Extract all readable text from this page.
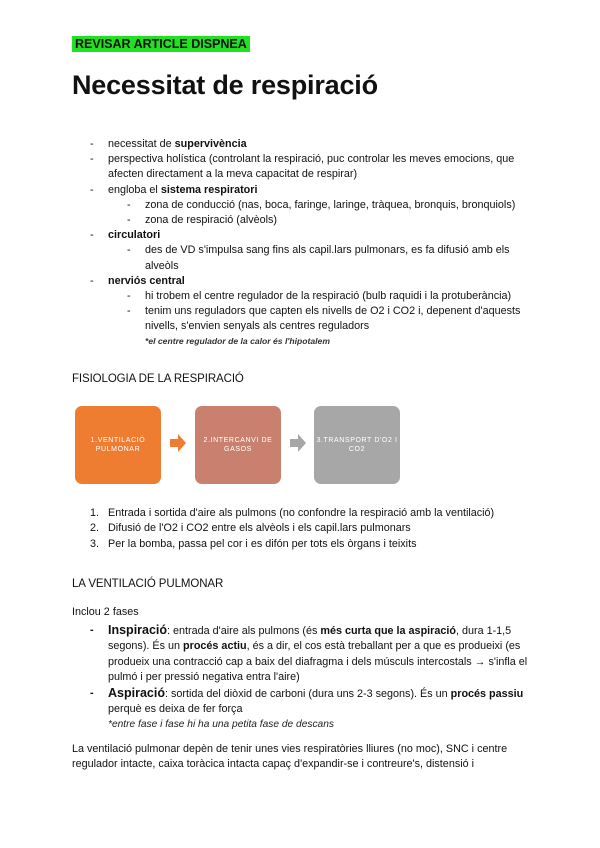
REVISAR ARTICLE DISPNEA
Necessitat de respiració
- necessitat de supervivència
- perspectiva holística (controlant la respiració, puc controlar les meves emocions, que afecten directament a la meva capacitat de respirar)
- engloba el sistema respiratori
- zona de conducció (nas, boca, faringe, laringe, tràquea, bronquis, bronquiols)
- zona de respiració (alvèols)
- circulatori
- des de VD s'impulsa sang fins als capil.lars pulmonars, es fa difusió amb els alveòls
- nerviós central
- hi trobem el centre regulador de la respiració (bulb raquidi i la protuberància)
- tenim uns reguladors que capten els nivells de O2 i CO2 i, depenent d'aquests nivells, s'envien senyals als centres reguladors
*el centre regulador de la calor és l'hipotalem
FISIOLOGIA DE LA RESPIRACIÓ
1.VENTILACIÓ PULMONAR
2.INTERCANVI DE GASOS
3.TRANSPORT D'O2 I CO2
1. Entrada i sortida d'aire als pulmons (no confondre la respiració amb la ventilació)
2. Difusió de l'O2 i CO2 entre els alvèols i els capil.lars pulmonars
3. Per la bomba, passa pel cor i es difón per tots els òrgans i teixits
LA VENTILACIÓ PULMONAR
Inclou 2 fases
- Inspiració: entrada d'aire als pulmons (és més curta que la aspiració, dura 1-1,5 segons). És un procés actiu, és a dir, el cos està treballant per a que es produeixi (es produeix una contracció cap a baix del diafragma i dels músculs intercostals → s'infla el pulmó i per pressió negativa entra l'aire)
- Aspiració: sortida del diòxid de carboni (dura uns 2-3 segons). És un procés passiu perquè es deixa de fer força
*entre fase i fase hi ha una petita fase de descans
La ventilació pulmonar depèn de tenir unes vies respiratòries lliures (no moc), SNC i centre regulador intacte, caixa toràcica intacta capaç d'expandir-se i contreure's, distensió i
